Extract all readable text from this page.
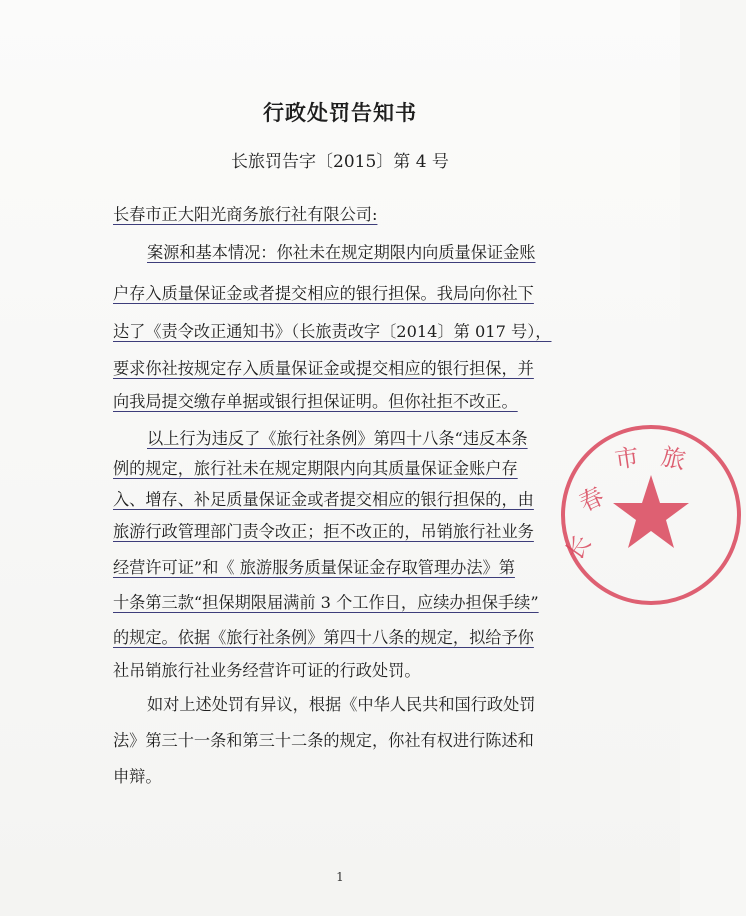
行政处罚告知书
长旅罚告字〔2015〕第 4 号
长春市正大阳光商务旅行社有限公司:
案源和基本情况：你社未在规定期限内向质量保证金账
户存入质量保证金或者提交相应的银行担保。我局向你社下
达了《责令改正通知书》（长旅责改字〔2014〕第 017 号），
要求你社按规定存入质量保证金或提交相应的银行担保，并
向我局提交缴存单据或银行担保证明。但你社拒不改正。
以上行为违反了《旅行社条例》第四十八条“违反本条
例的规定，旅行社未在规定期限内向其质量保证金账户存
入、增存、补足质量保证金或者提交相应的银行担保的，由
旅游行政管理部门责令改正；拒不改正的，吊销旅行社业务
经营许可证”和《 旅游服务质量保证金存取管理办法》第
十条第三款“担保期限届满前 3 个工作日，应续办担保手续”
的规定。依据《旅行社条例》第四十八条的规定，拟给予你
社吊销旅行社业务经营许可证的行政处罚。
如对上述处罚有异议，根据《中华人民共和国行政处罚
法》第三十一条和第三十二条的规定，你社有权进行陈述和
申辩。
长
春
市 旅
1
